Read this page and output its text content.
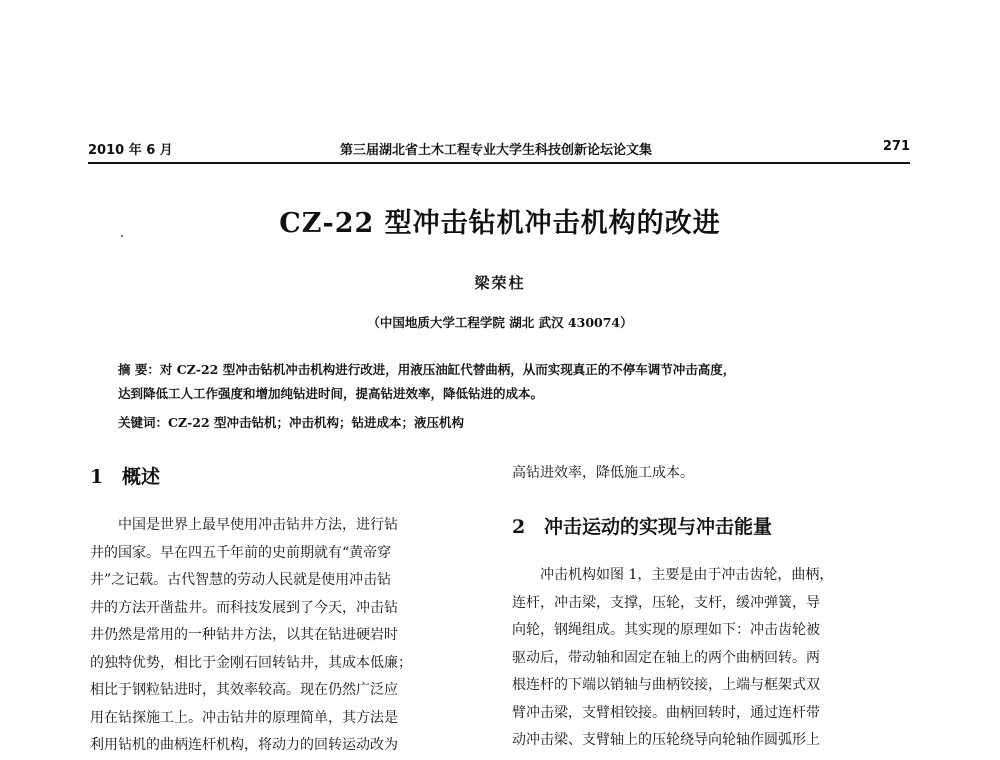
2010 年 6 月	第三届湖北省土木工程专业大学生科技创新论坛论文集	271
CZ-22 型冲击钻机冲击机构的改进
梁荣柱
（中国地质大学工程学院 湖北 武汉 430074）
摘 要：对 CZ-22 型冲击钻机冲击机构进行改进，用液压油缸代替曲柄，从而实现真正的不停车调节冲击高度，
达到降低工人工作强度和增加纯钻进时间，提高钻进效率，降低钻进的成本。
关键词：CZ-22 型冲击钻机；冲击机构；钻进成本；液压机构
1 概述
中国是世界上最早使用冲击钻井方法，进行钻
井的国家。早在四五千年前的史前期就有“黄帝穿
井”之记载。古代智慧的劳动人民就是使用冲击钻
井的方法开凿盐井。而科技发展到了今天，冲击钻
井仍然是常用的一种钻井方法，以其在钻进硬岩时
的独特优势，相比于金刚石回转钻井，其成本低廉；
相比于钢粒钻进时，其效率较高。现在仍然广泛应
用在钻探施工上。冲击钻井的原理简单，其方法是
利用钻机的曲柄连杆机构，将动力的回转运动改为
高钻进效率，降低施工成本。
2 冲击运动的实现与冲击能量
冲击机构如图 1，主要是由于冲击齿轮，曲柄，
连杆，冲击梁，支撑，压轮，支杆，缓冲弹簧，导
向轮，钢绳组成。其实现的原理如下：冲击齿轮被
驱动后，带动轴和固定在轴上的两个曲柄回转。两
根连杆的下端以销轴与曲柄铰接，上端与框架式双
臂冲击梁，支臂相铰接。曲柄回转时，通过连杆带
动冲击梁、支臂轴上的压轮绕导向轮轴作圆弧形上
